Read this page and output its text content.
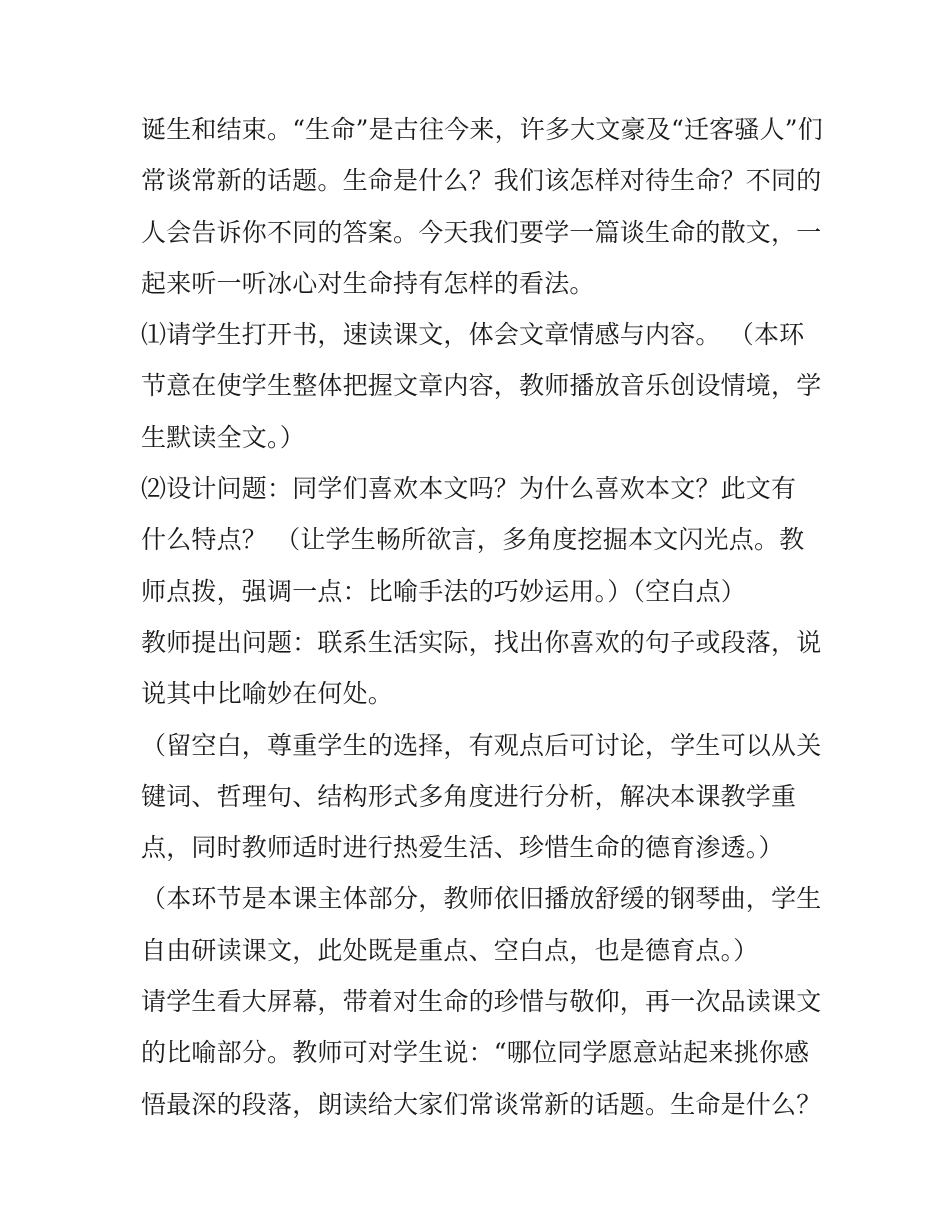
诞生和结束。“生命”是古往今来，许多大文豪及“迁客骚人”们
常谈常新的话题。生命是什么？我们该怎样对待生命？不同的
人会告诉你不同的答案。今天我们要学一篇谈生命的散文，一
起来听一听冰心对生命持有怎样的看法。
⑴请学生打开书，速读课文，体会文章情感与内容。 （本环
节意在使学生整体把握文章内容，教师播放音乐创设情境，学
生默读全文。）
⑵设计问题：同学们喜欢本文吗？为什么喜欢本文？此文有
什么特点？ （让学生畅所欲言，多角度挖掘本文闪光点。教
师点拨，强调一点：比喻手法的巧妙运用。）（空白点）
教师提出问题：联系生活实际，找出你喜欢的句子或段落，说
说其中比喻妙在何处。
（留空白，尊重学生的选择，有观点后可讨论，学生可以从关
键词、哲理句、结构形式多角度进行分析，解决本课教学重
点，同时教师适时进行热爱生活、珍惜生命的德育渗透。）
（本环节是本课主体部分，教师依旧播放舒缓的钢琴曲，学生
自由研读课文，此处既是重点、空白点，也是德育点。）
请学生看大屏幕，带着对生命的珍惜与敬仰，再一次品读课文
的比喻部分。教师可对学生说：“哪位同学愿意站起来挑你感
悟最深的段落，朗读给大家们常谈常新的话题。生命是什么？
